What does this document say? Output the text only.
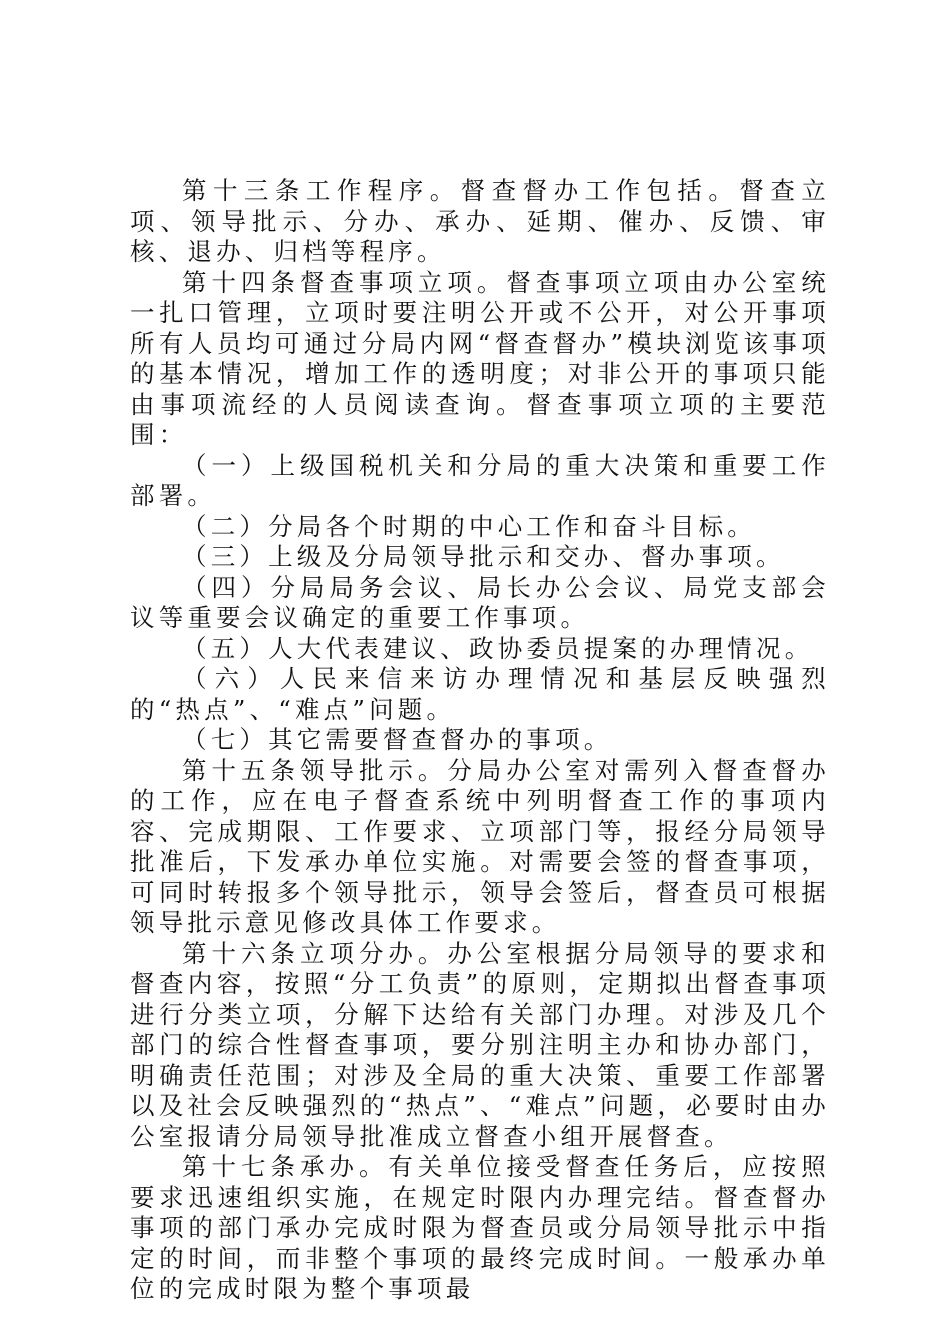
第十三条工作程序。督查督办工作包括。督查立项、领导批示、分办、承办、延期、催办、反馈、审核、退办、归档等程序。

第十四条督查事项立项。督查事项立项由办公室统一扎口管理，立项时要注明公开或不公开，对公开事项所有人员均可通过分局内网“督查督办”模块浏览该事项的基本情况，增加工作的透明度；对非公开的事项只能由事项流经的人员阅读查询。督查事项立项的主要范围：

（一）上级国税机关和分局的重大决策和重要工作部署。

（二）分局各个时期的中心工作和奋斗目标。

（三）上级及分局领导批示和交办、督办事项。

（四）分局局务会议、局长办公会议、局党支部会议等重要会议确定的重要工作事项。

（五）人大代表建议、政协委员提案的办理情况。

（六）人民来信来访办理情况和基层反映强烈的“热点”、“难点”问题。

（七）其它需要督查督办的事项。

第十五条领导批示。分局办公室对需列入督查督办的工作，应在电子督查系统中列明督查工作的事项内容、完成期限、工作要求、立项部门等，报经分局领导批准后，下发承办单位实施。对需要会签的督查事项，可同时转报多个领导批示，领导会签后，督查员可根据领导批示意见修改具体工作要求。

第十六条立项分办。办公室根据分局领导的要求和督查内容，按照“分工负责”的原则，定期拟出督查事项进行分类立项，分解下达给有关部门办理。对涉及几个部门的综合性督查事项，要分别注明主办和协办部门，明确责任范围；对涉及全局的重大决策、重要工作部署以及社会反映强烈的“热点”、“难点”问题，必要时由办公室报请分局领导批准成立督查小组开展督查。

第十七条承办。有关单位接受督查任务后，应按照要求迅速组织实施，在规定时限内办理完结。督查督办事项的部门承办完成时限为督查员或分局领导批示中指定的时间，而非整个事项的最终完成时间。一般承办单位的完成时限为整个事项最
